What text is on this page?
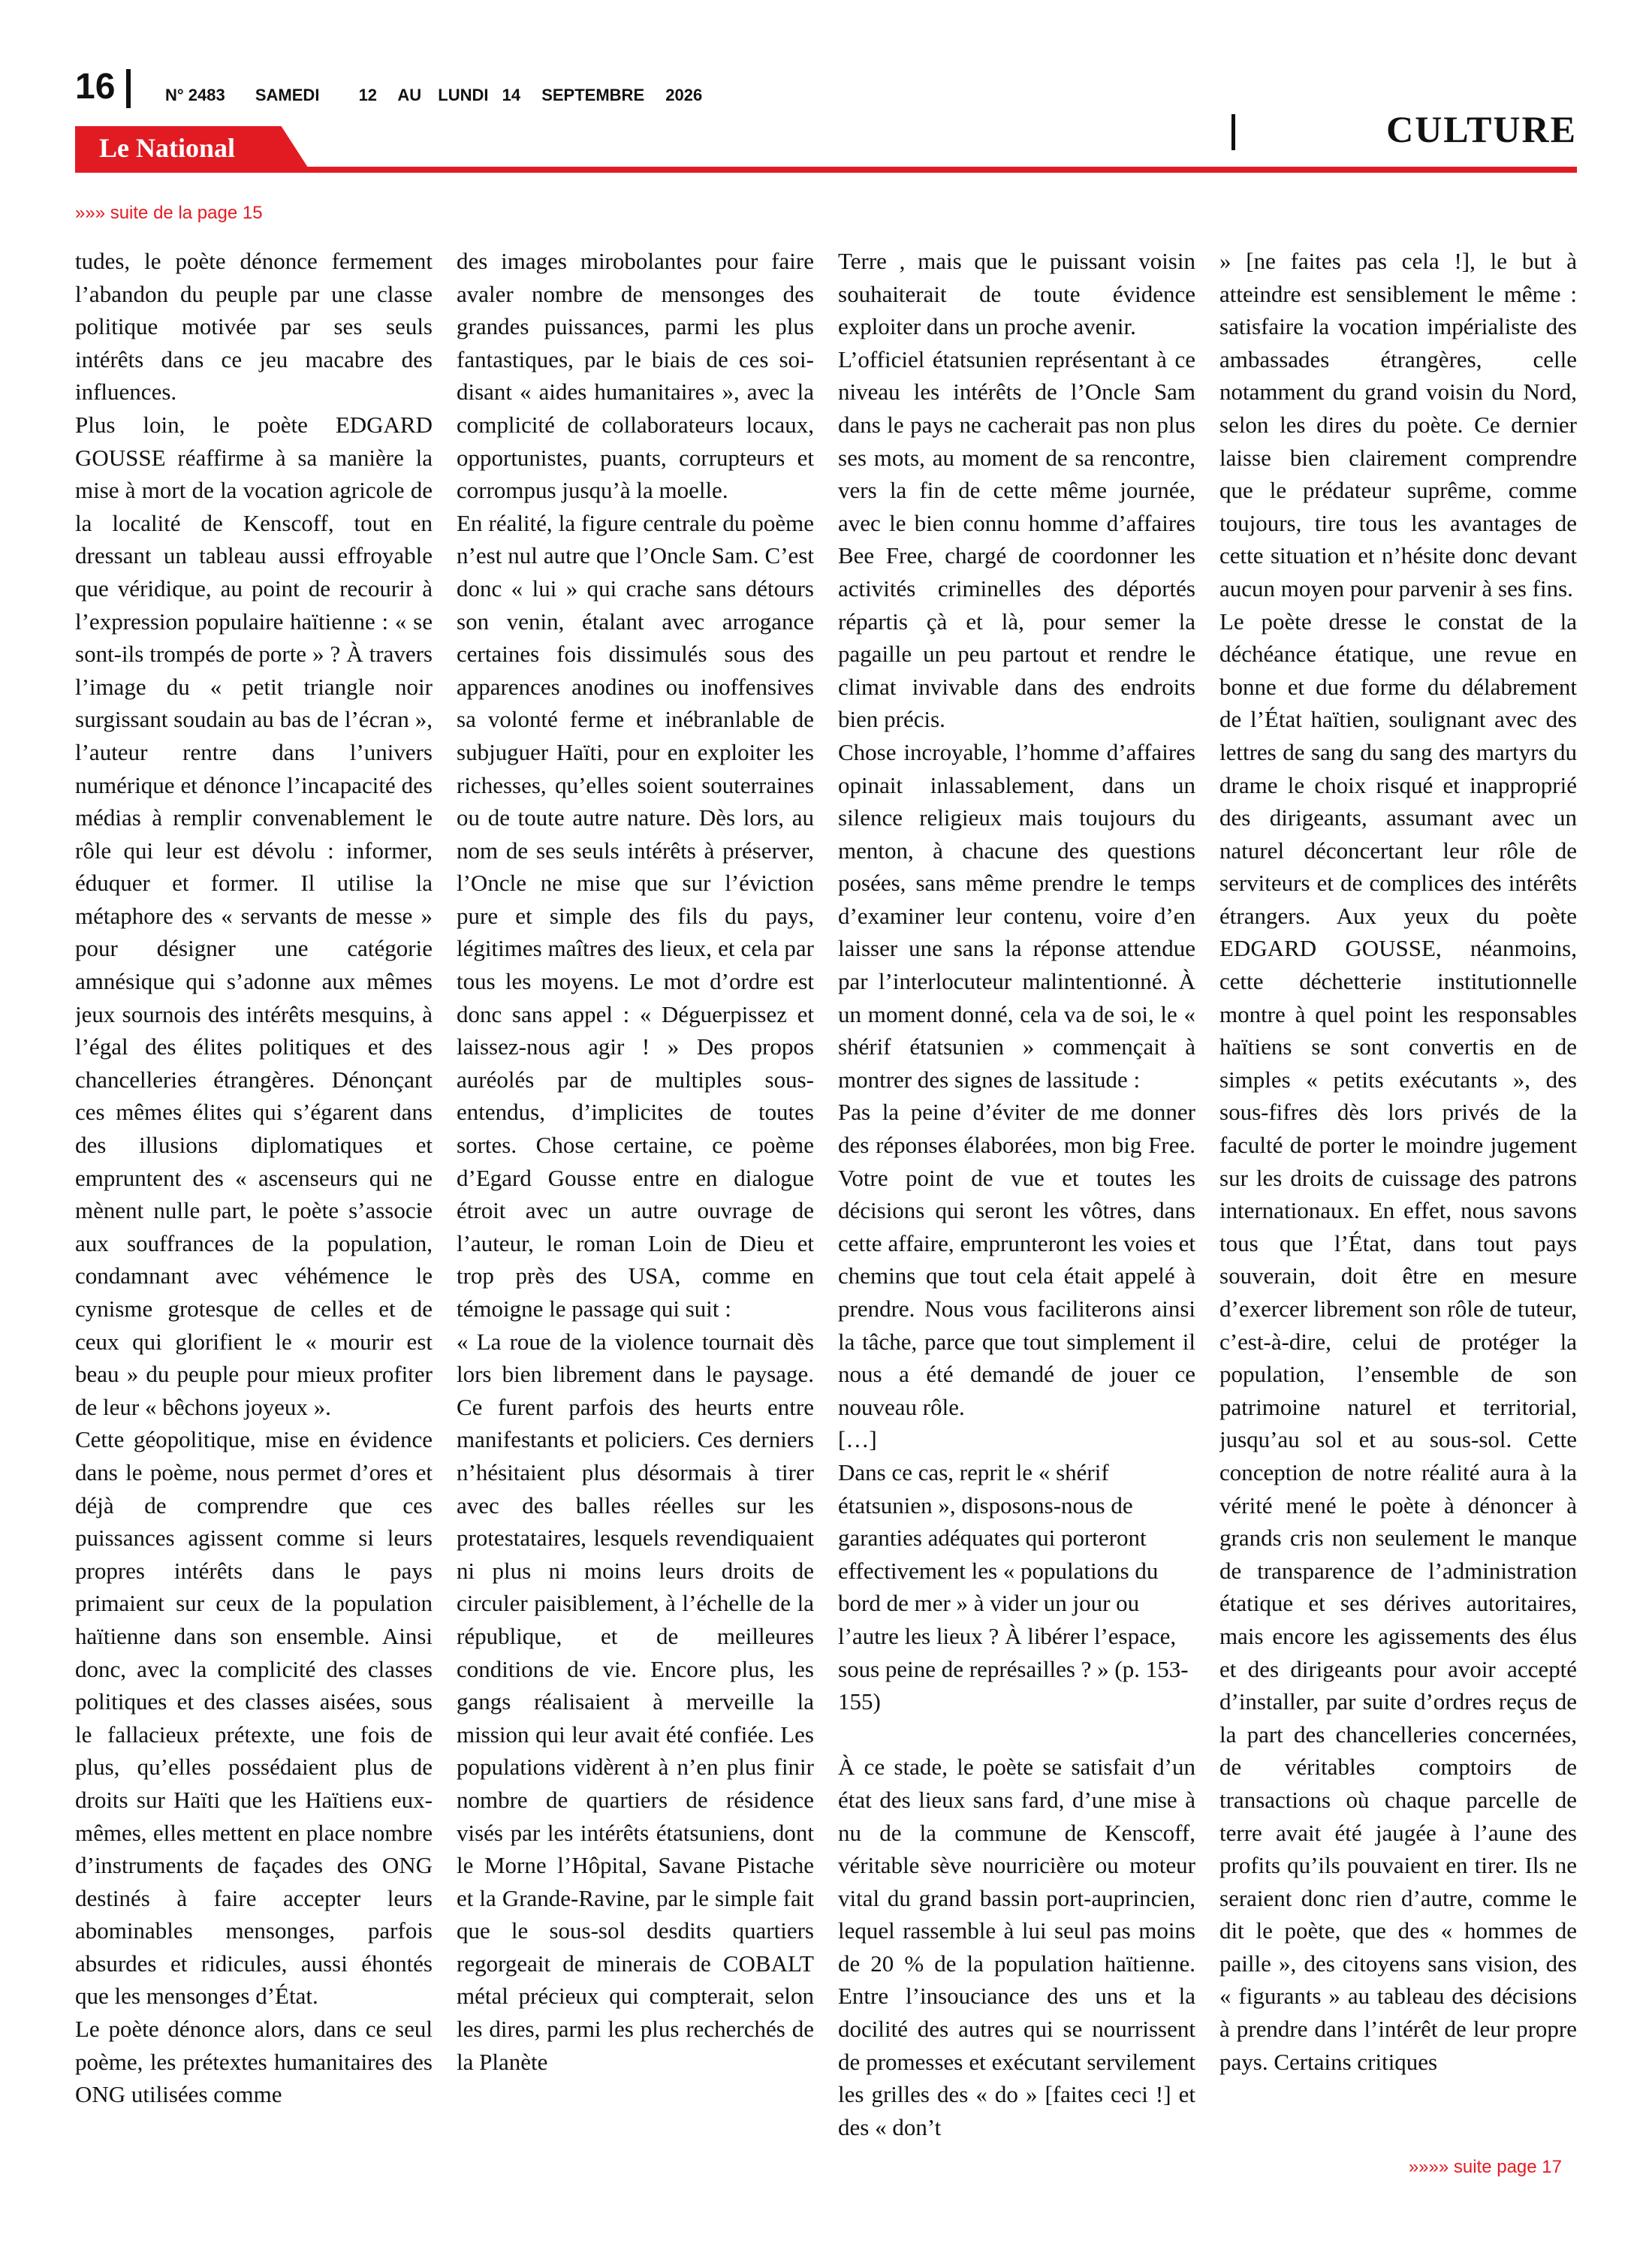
16	N° 2483 SAMEDI 12 AU LUNDI 14 SEPTEMBRE 2026
Le National	CULTURE
»»» suite de la page 15

tudes, le poète dénonce fermement l’abandon du peuple par une classe politique motivée par ses seuls intérêts dans ce jeu macabre des influences.

Plus loin, le poète EDGARD GOUSSE réaffirme à sa manière la mise à mort de la vocation agricole de la localité de Kenscoff, tout en dressant un tableau aussi effroyable que véridique, au point de recourir à l’expression populaire haïtienne : « se sont-ils trompés de porte » ? À travers l’image du « petit triangle noir surgissant soudain au bas de l’écran », l’auteur rentre dans l’univers numérique et dénonce l’incapacité des médias à remplir convenablement le rôle qui leur est dévolu : informer, éduquer et former. Il utilise la métaphore des « servants de messe » pour désigner une catégorie amnésique qui s’adonne aux mêmes jeux sournois des intérêts mesquins, à l’égal des élites politiques et des chancelleries étrangères. Dénonçant ces mêmes élites qui s’égarent dans des illusions diplomatiques et empruntent des « ascenseurs qui ne mènent nulle part, le poète s’associe aux souffrances de la population, condamnant avec véhémence le cynisme grotesque de celles et de ceux qui glorifient le « mourir est beau » du peuple pour mieux profiter de leur « bêchons joyeux ».

Cette géopolitique, mise en évidence dans le poème, nous permet d’ores et déjà de comprendre que ces puissances agissent comme si leurs propres intérêts dans le pays primaient sur ceux de la population haïtienne dans son ensemble. Ainsi donc, avec la complicité des classes politiques et des classes aisées, sous le fallacieux prétexte, une fois de plus, qu’elles possédaient plus de droits sur Haïti que les Haïtiens eux-mêmes, elles mettent en place nombre d’instruments de façades des ONG destinés à faire accepter leurs abominables mensonges, parfois absurdes et ridicules, aussi éhontés que les mensonges d’État.

Le poète dénonce alors, dans ce seul poème, les prétextes humanitaires des ONG utilisées comme

des images mirobolantes pour faire avaler nombre de mensonges des grandes puissances, parmi les plus fantastiques, par le biais de ces soi-disant « aides humanitaires », avec la complicité de collaborateurs locaux, opportunistes, puants, corrupteurs et corrompus jusqu’à la moelle.

En réalité, la figure centrale du poème n’est nul autre que l’Oncle Sam. C’est donc « lui » qui crache sans détours son venin, étalant avec arrogance certaines fois dissimulés sous des apparences anodines ou inoffensives sa volonté ferme et inébranlable de subjuguer Haïti, pour en exploiter les richesses, qu’elles soient souterraines ou de toute autre nature. Dès lors, au nom de ses seuls intérêts à préserver, l’Oncle ne mise que sur l’éviction pure et simple des fils du pays, légitimes maîtres des lieux, et cela par tous les moyens. Le mot d’ordre est donc sans appel : « Déguerpissez et laissez-nous agir ! » Des propos auréolés par de multiples sous-entendus, d’implicites de toutes sortes. Chose certaine, ce poème d’Egard Gousse entre en dialogue étroit avec un autre ouvrage de l’auteur, le roman Loin de Dieu et trop près des USA, comme en témoigne le passage qui suit :

« La roue de la violence tournait dès lors bien librement dans le paysage. Ce furent parfois des heurts entre manifestants et policiers. Ces derniers n’hésitaient plus désormais à tirer avec des balles réelles sur les protestataires, lesquels revendiquaient ni plus ni moins leurs droits de circuler paisiblement, à l’échelle de la république, et de meilleures conditions de vie. Encore plus, les gangs réalisaient à merveille la mission qui leur avait été confiée. Les populations vidèrent à n’en plus finir nombre de quartiers de résidence visés par les intérêts étatsuniens, dont le Morne l’Hôpital, Savane Pistache et la Grande-Ravine, par le simple fait que le sous-sol desdits quartiers regorgeait de minerais de COBALT métal précieux qui compterait, selon les dires, parmi les plus recherchés de la Planète

Terre , mais que le puissant voisin souhaiterait de toute évidence exploiter dans un proche avenir.

L’officiel étatsunien représentant à ce niveau les intérêts de l’Oncle Sam dans le pays ne cacherait pas non plus ses mots, au moment de sa rencontre, vers la fin de cette même journée, avec le bien connu homme d’affaires Bee Free, chargé de coordonner les activités criminelles des déportés répartis çà et là, pour semer la pagaille un peu partout et rendre le climat invivable dans des endroits bien précis.

Chose incroyable, l’homme d’affaires opinait inlassablement, dans un silence religieux mais toujours du menton, à chacune des questions posées, sans même prendre le temps d’examiner leur contenu, voire d’en laisser une sans la réponse attendue par l’interlocuteur malintentionné. À un moment donné, cela va de soi, le « shérif étatsunien » commençait à montrer des signes de lassitude :

Pas la peine d’éviter de me donner des réponses élaborées, mon big Free. Votre point de vue et toutes les décisions qui seront les vôtres, dans cette affaire, emprunteront les voies et chemins que tout cela était appelé à prendre. Nous vous faciliterons ainsi la tâche, parce que tout simplement il nous a été demandé de jouer ce nouveau rôle.

[…]

Dans ce cas, reprit le « shérif étatsunien », disposons-nous de garanties adéquates qui porteront effectivement les « populations du bord de mer » à vider un jour ou l’autre les lieux ? À libérer l’espace, sous peine de représailles ? » (p. 153-155)

À ce stade, le poète se satisfait d’un état des lieux sans fard, d’une mise à nu de la commune de Kenscoff, véritable sève nourricière ou moteur vital du grand bassin port-auprincien, lequel rassemble à lui seul pas moins de 20 % de la population haïtienne. Entre l’insouciance des uns et la docilité des autres qui se nourrissent de promesses et exécutant servilement les grilles des « do » [faites ceci !] et des « don’t

» [ne faites pas cela !], le but à atteindre est sensiblement le même : satisfaire la vocation impérialiste des ambassades étrangères, celle notamment du grand voisin du Nord, selon les dires du poète. Ce dernier laisse bien clairement comprendre que le prédateur suprême, comme toujours, tire tous les avantages de cette situation et n’hésite donc devant aucun moyen pour parvenir à ses fins.

Le poète dresse le constat de la déchéance étatique, une revue en bonne et due forme du délabrement de l’État haïtien, soulignant avec des lettres de sang du sang des martyrs du drame le choix risqué et inapproprié des dirigeants, assumant avec un naturel déconcertant leur rôle de serviteurs et de complices des intérêts étrangers. Aux yeux du poète EDGARD GOUSSE, néanmoins, cette déchetterie institutionnelle montre à quel point les responsables haïtiens se sont convertis en de simples « petits exécutants », des sous-fifres dès lors privés de la faculté de porter le moindre jugement sur les droits de cuissage des patrons internationaux. En effet, nous savons tous que l’État, dans tout pays souverain, doit être en mesure d’exercer librement son rôle de tuteur, c’est-à-dire, celui de protéger la population, l’ensemble de son patrimoine naturel et territorial, jusqu’au sol et au sous-sol. Cette conception de notre réalité aura à la vérité mené le poète à dénoncer à grands cris non seulement le manque de transparence de l’administration étatique et ses dérives autoritaires, mais encore les agissements des élus et des dirigeants pour avoir accepté d’installer, par suite d’ordres reçus de la part des chancelleries concernées, de véritables comptoirs de transactions où chaque parcelle de terre avait été jaugée à l’aune des profits qu’ils pouvaient en tirer. Ils ne seraient donc rien d’autre, comme le dit le poète, que des « hommes de paille », des citoyens sans vision, des « figurants » au tableau des décisions à prendre dans l’intérêt de leur propre pays. Certains critiques

»»»» suite page 17
